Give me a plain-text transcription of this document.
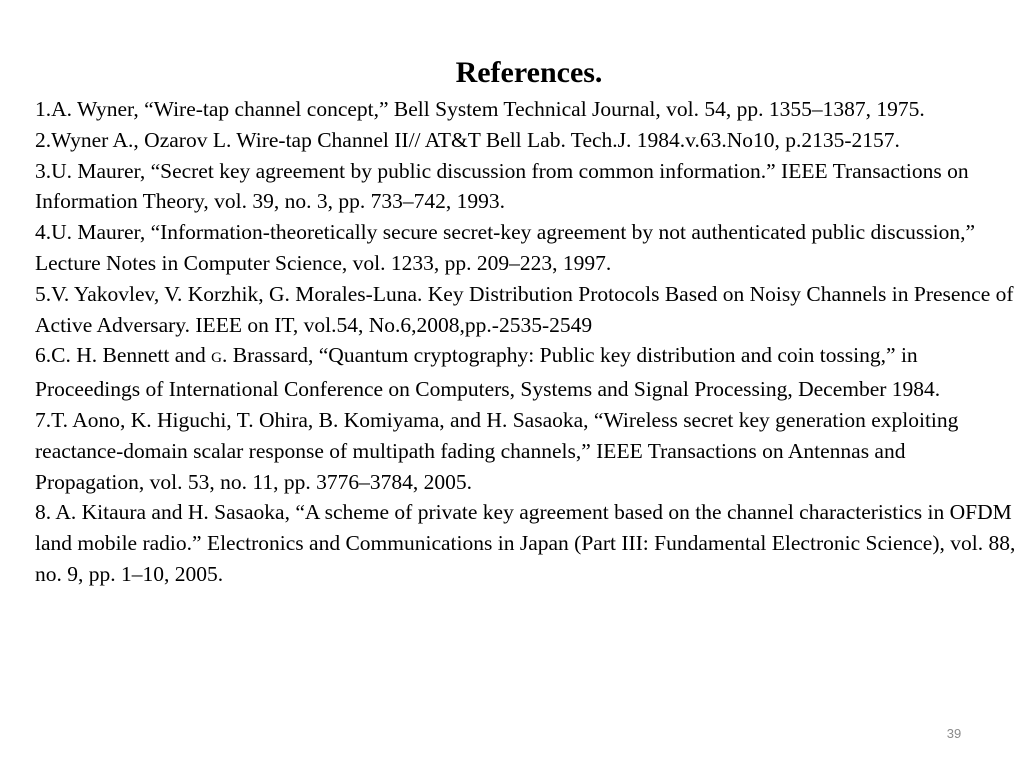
References.
1.A. Wyner, “Wire-tap channel concept,” Bell System Technical Journal, vol. 54, pp. 1355–1387, 1975.
2.Wyner A., Ozarov L. Wire-tap Channel II// AT&T Bell Lab. Tech.J. 1984.v.63.No10, p.2135-2157.
3.U. Maurer, “Secret key agreement by public discussion from common information.” IEEE Transactions on Information Theory, vol. 39, no. 3, pp. 733–742, 1993.
4.U. Maurer, “Information-theoretically secure secret-key agreement by not authenticated public discussion,” Lecture Notes in Computer Science, vol. 1233, pp. 209–223, 1997.
5.V. Yakovlev, V. Korzhik, G. Morales-Luna. Key Distribution Protocols Based on Noisy Channels in Presence of Active Adversary. IEEE on IT, vol.54, No.6,2008,pp.-2535-2549
6.C. H. Bennett and G. Brassard, “Quantum cryptography: Public key distribution and coin tossing,” in Proceedings of International Conference on Computers, Systems and Signal Processing, December 1984.
7.T. Aono, K. Higuchi, T. Ohira, B. Komiyama, and H. Sasaoka, “Wireless secret key generation exploiting reactance-domain scalar response of multipath fading channels,” IEEE Transactions on Antennas and Propagation, vol. 53, no. 11, pp. 3776–3784, 2005.
8. A. Kitaura and H. Sasaoka, “A scheme of private key agreement based on the channel characteristics in OFDM land mobile radio.” Electronics and Communications in Japan (Part III: Fundamental Electronic Science), vol. 88, no. 9, pp. 1–10, 2005.
39
